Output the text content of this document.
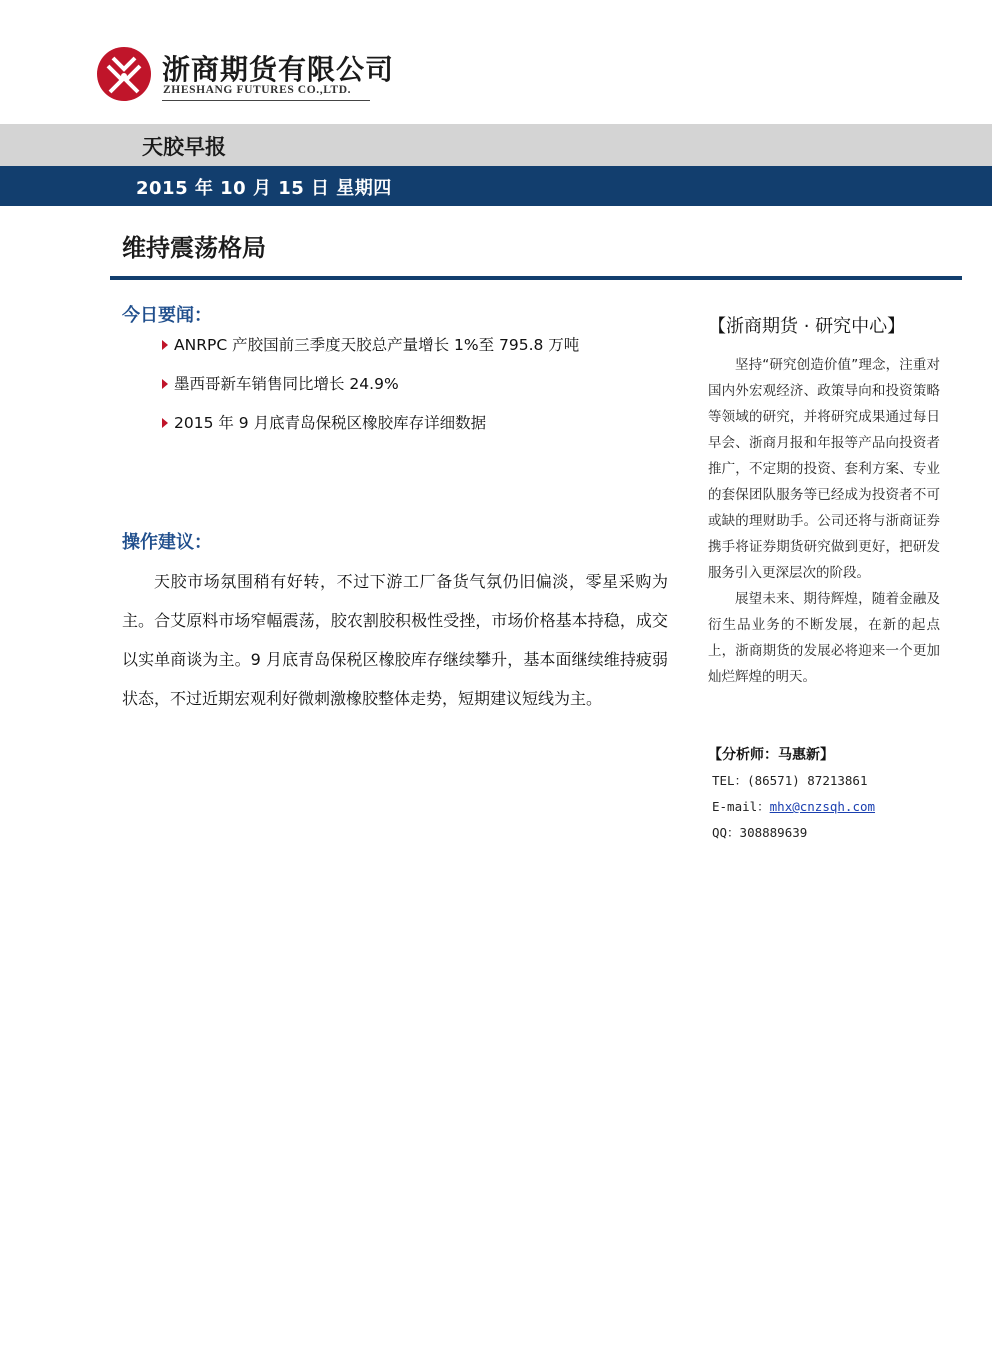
浙商期货有限公司
ZHESHANG FUTURES CO.,LTD.
天胶早报
2015 年 10 月 15 日 星期四
维持震荡格局
今日要闻：
ANRPC 产胶国前三季度天胶总产量增长 1%至 795.8 万吨
墨西哥新车销售同比增长 24.9%
2015 年 9 月底青岛保税区橡胶库存详细数据
操作建议：
天胶市场氛围稍有好转，不过下游工厂备货气氛仍旧偏淡，零星采购为主。合艾原料市场窄幅震荡，胶农割胶积极性受挫，市场价格基本持稳，成交以实单商谈为主。9 月底青岛保税区橡胶库存继续攀升，基本面继续维持疲弱状态，不过近期宏观利好微刺激橡胶整体走势，短期建议短线为主。
【浙商期货 · 研究中心】

坚持“研究创造价值”理念，注重对国内外宏观经济、政策导向和投资策略等领域的研究，并将研究成果通过每日早会、浙商月报和年报等产品向投资者推广，不定期的投资、套利方案、专业的套保团队服务等已经成为投资者不可或缺的理财助手。公司还将与浙商证券携手将证券期货研究做到更好，把研发服务引入更深层次的阶段。

展望未来、期待辉煌，随着金融及衍生品业务的不断发展，在新的起点上，浙商期货的发展必将迎来一个更加灿烂辉煌的明天。

【分析师：马惠新】
TEL：(86571) 87213861
E-mail：mhx@cnzsqh.com
QQ：308889639
